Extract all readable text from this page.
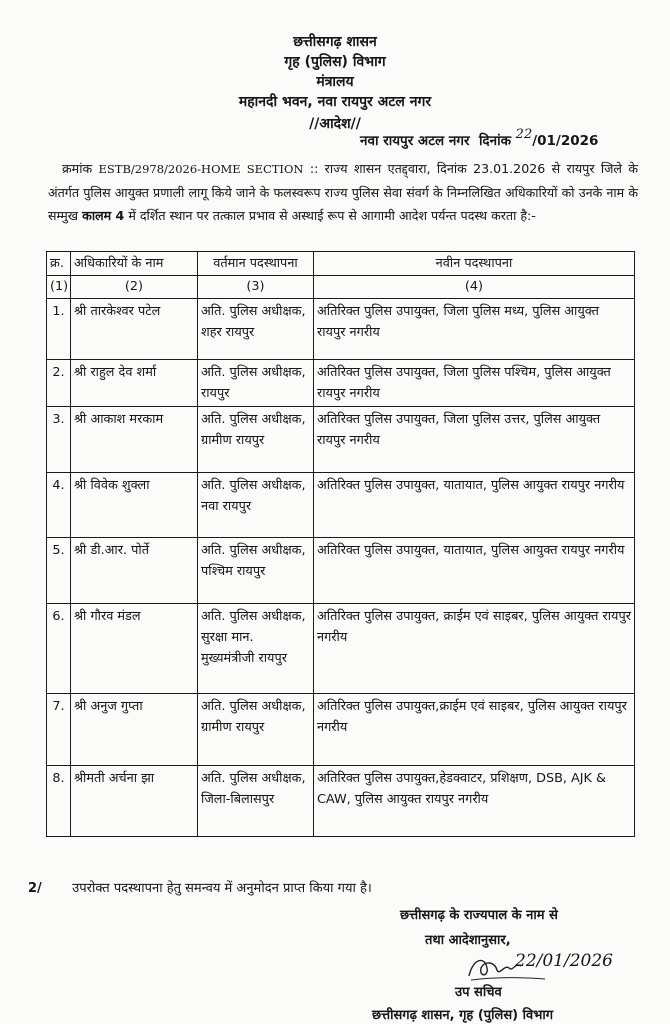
छत्तीसगढ़ शासन
गृह (पुलिस) विभाग
मंत्रालय
महानदी भवन, नवा रायपुर अटल नगर
//आदेश//
नवा रायपुर अटल नगर दिनांक 22/01/2026
क्रमांक ESTB/2978/2026-HOME SECTION :: राज्य शासन एतद्द्वारा, दिनांक 23.01.2026 से रायपुर जिले के अंतर्गत पुलिस आयुक्त प्रणाली लागू किये जाने के फलस्वरूप राज्य पुलिस सेवा संवर्ग के निम्नलिखित अधिकारियों को उनके नाम के सम्मुख कालम 4 में दर्शित स्थान पर तत्काल प्रभाव से अस्थाई रूप से आगामी आदेश पर्यन्त पदस्थ करता है:-
क्र.	अधिकारियों के नाम	वर्तमान पदस्थापना	नवीन पदस्थापना
(1)	(2)	(3)	(4)
1.	श्री तारकेश्वर पटेल	अति. पुलिस अधीक्षक, शहर रायपुर	अतिरिक्त पुलिस उपायुक्त, जिला पुलिस मध्य, पुलिस आयुक्त रायपुर नगरीय
2.	श्री राहुल देव शर्मा	अति. पुलिस अधीक्षक, रायपुर	अतिरिक्त पुलिस उपायुक्त, जिला पुलिस पश्चिम, पुलिस आयुक्त रायपुर नगरीय
3.	श्री आकाश मरकाम	अति. पुलिस अधीक्षक, ग्रामीण रायपुर	अतिरिक्त पुलिस उपायुक्त, जिला पुलिस उत्तर, पुलिस आयुक्त रायपुर नगरीय
4.	श्री विवेक शुक्ला	अति. पुलिस अधीक्षक, नवा रायपुर	अतिरिक्त पुलिस उपायुक्त, यातायात, पुलिस आयुक्त रायपुर नगरीय
5.	श्री डी.आर. पोर्ते	अति. पुलिस अधीक्षक, पश्चिम रायपुर	अतिरिक्त पुलिस उपायुक्त, यातायात, पुलिस आयुक्त रायपुर नगरीय
6.	श्री गौरव मंडल	अति. पुलिस अधीक्षक, सुरक्षा मान. मुख्यमंत्रीजी रायपुर	अतिरिक्त पुलिस उपायुक्त, क्राईम एवं साइबर, पुलिस आयुक्त रायपुर नगरीय
7.	श्री अनुज गुप्ता	अति. पुलिस अधीक्षक, ग्रामीण रायपुर	अतिरिक्त पुलिस उपायुक्त,क्राईम एवं साइबर, पुलिस आयुक्त रायपुर नगरीय
8.	श्रीमती अर्चना झा	अति. पुलिस अधीक्षक, जिला-बिलासपुर	अतिरिक्त पुलिस उपायुक्त,हेडक्वाटर, प्रशिक्षण, DSB, AJK & CAW, पुलिस आयुक्त रायपुर नगरीय
2/ उपरोक्त पदस्थापना हेतु समन्वय में अनुमोदन प्राप्त किया गया है।
छत्तीसगढ़ के राज्यपाल के नाम से
तथा आदेशानुसार,
22/01/2026
उप सचिव
छत्तीसगढ़ शासन, गृह (पुलिस) विभाग
